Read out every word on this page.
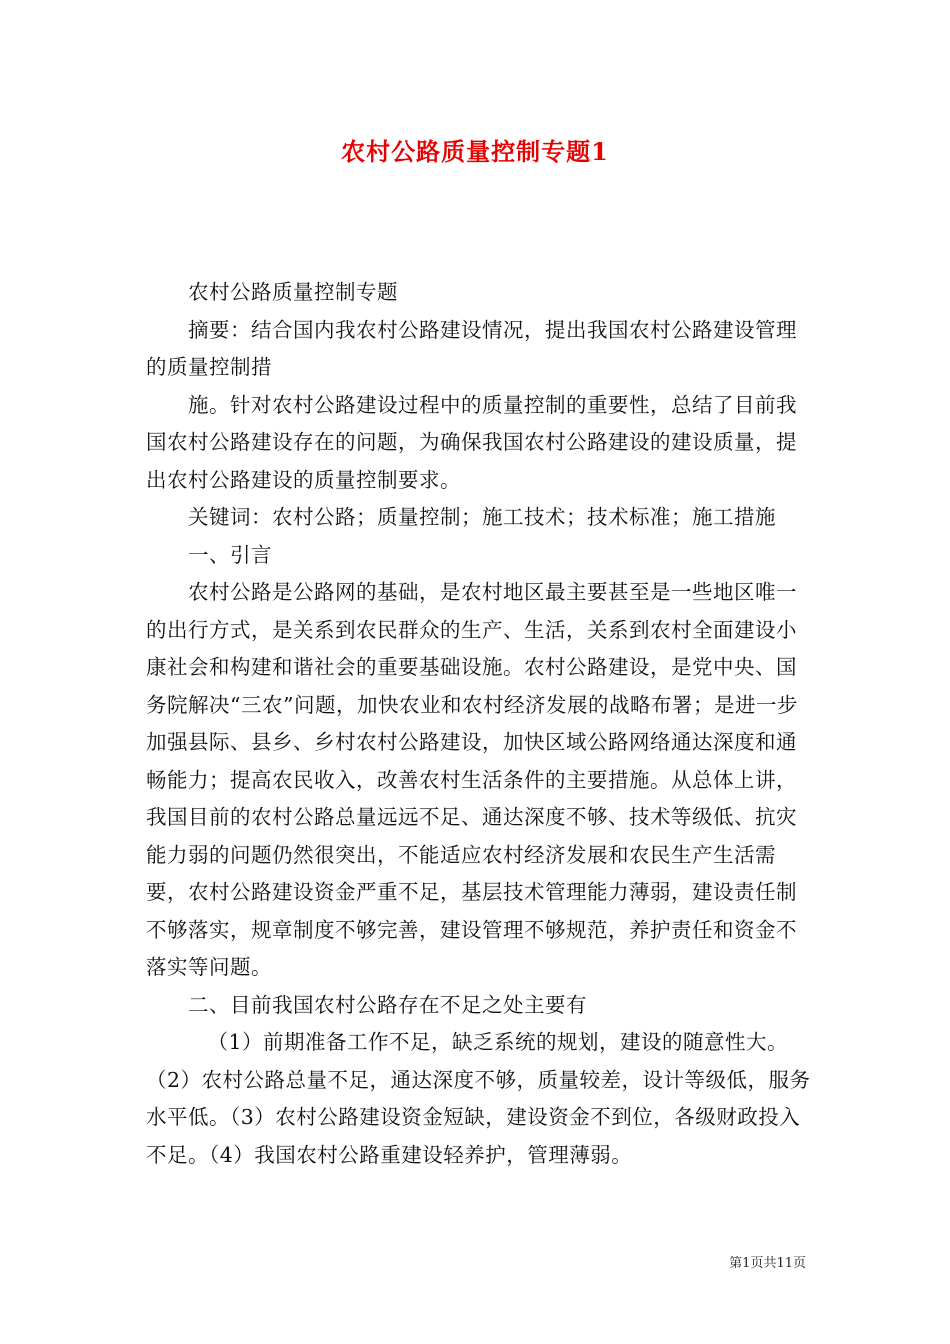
农村公路质量控制专题1

农村公路质量控制专题

摘要：结合国内我农村公路建设情况，提出我国农村公路建设管理的质量控制措

施。针对农村公路建设过程中的质量控制的重要性，总结了目前我国农村公路建设存在的问题，为确保我国农村公路建设的建设质量，提出农村公路建设的质量控制要求。

关键词：农村公路；质量控制；施工技术；技术标准；施工措施

一、引言

农村公路是公路网的基础，是农村地区最主要甚至是一些地区唯一的出行方式，是关系到农民群众的生产、生活，关系到农村全面建设小康社会和构建和谐社会的重要基础设施。农村公路建设，是党中央、国务院解决“三农”问题，加快农业和农村经济发展的战略布署；是进一步加强县际、县乡、乡村农村公路建设，加快区域公路网络通达深度和通畅能力；提高农民收入，改善农村生活条件的主要措施。从总体上讲，我国目前的农村公路总量远远不足、通达深度不够、技术等级低、抗灾能力弱的问题仍然很突出，不能适应农村经济发展和农民生产生活需要，农村公路建设资金严重不足，基层技术管理能力薄弱，建设责任制不够落实，规章制度不够完善，建设管理不够规范，养护责任和资金不落实等问题。

二、目前我国农村公路存在不足之处主要有

（1）前期准备工作不足，缺乏系统的规划，建设的随意性大。（2）农村公路总量不足，通达深度不够，质量较差，设计等级低，服务水平低。（3）农村公路建设资金短缺，建设资金不到位，各级财政投入不足。（4）我国农村公路重建设轻养护，管理薄弱。

第1页共11页
